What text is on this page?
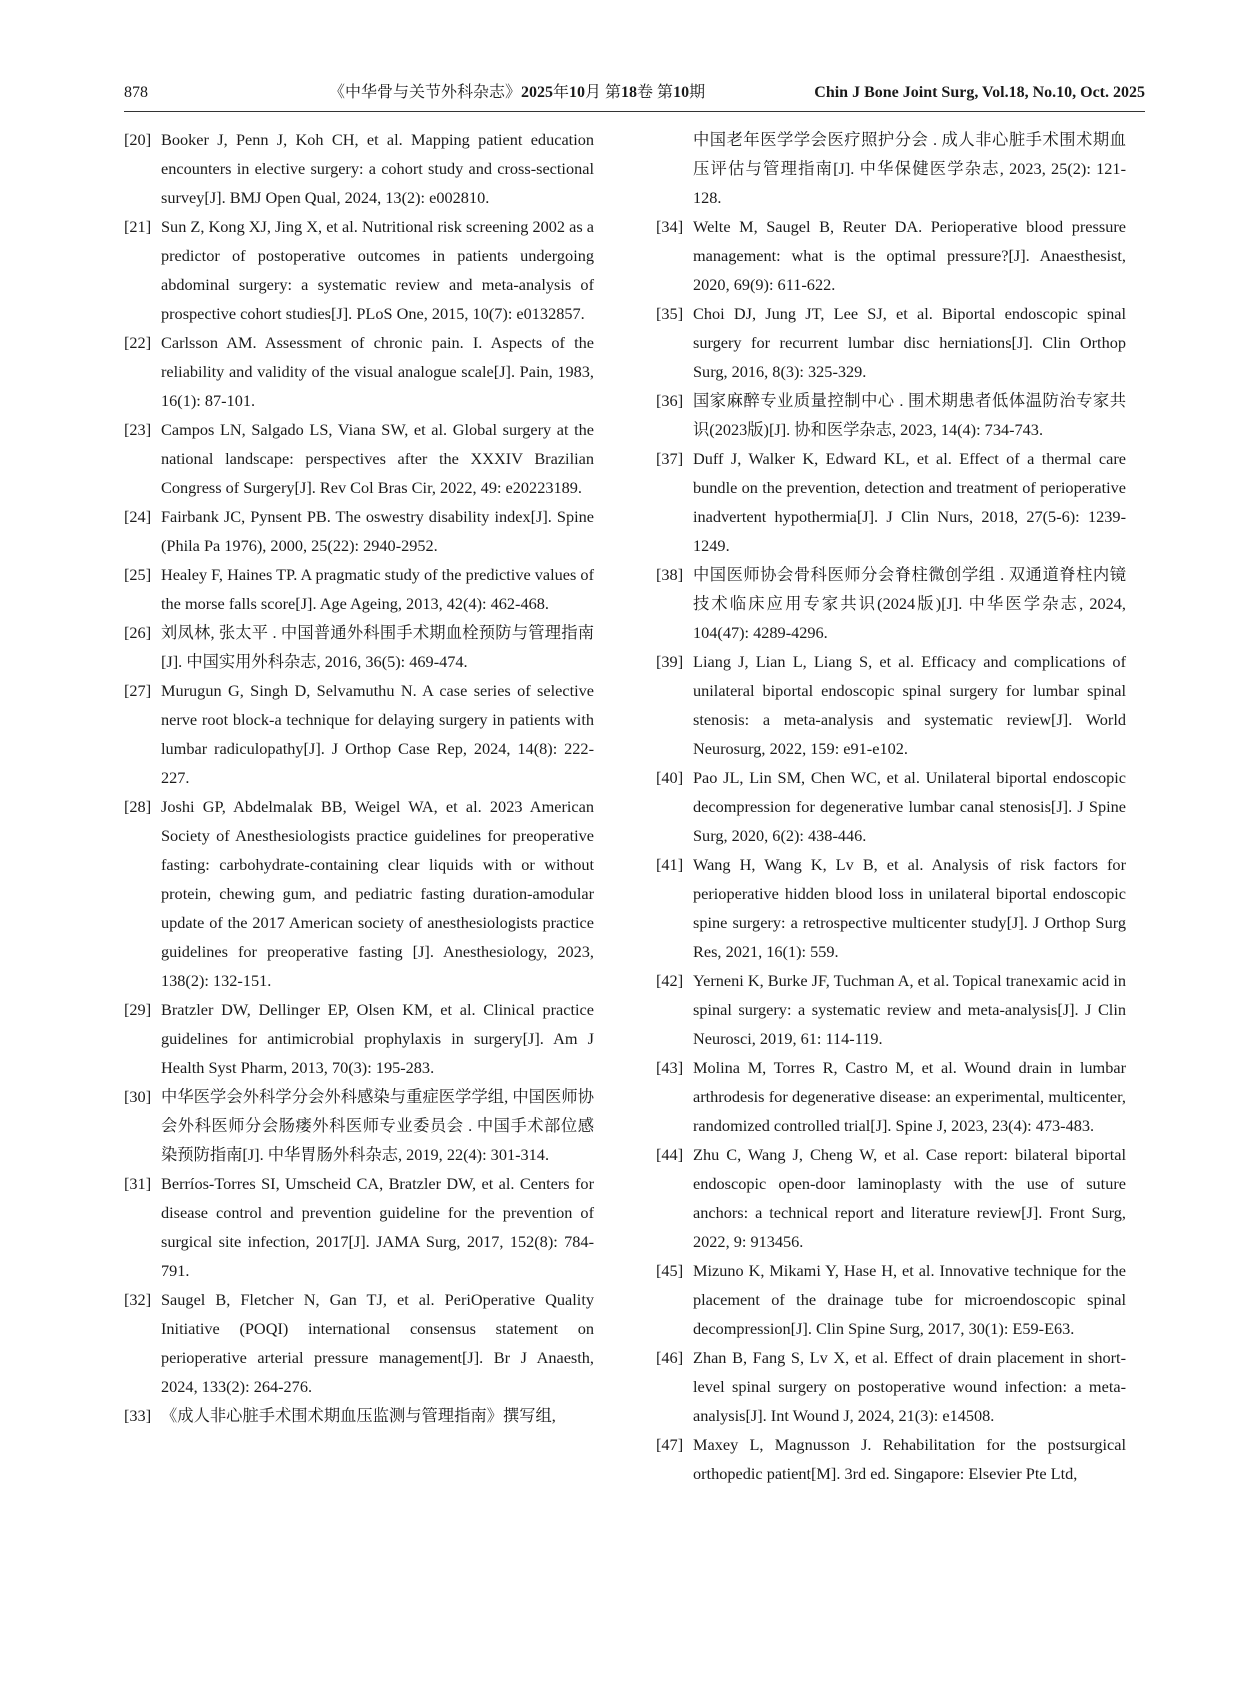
878	《中华骨与关节外科杂志》2025年10月 第18卷 第10期	Chin J Bone Joint Surg, Vol.18, No.10, Oct. 2025
[20] Booker J, Penn J, Koh CH, et al. Mapping patient education encounters in elective surgery: a cohort study and cross-sectional survey[J]. BMJ Open Qual, 2024, 13(2): e002810.
[21] Sun Z, Kong XJ, Jing X, et al. Nutritional risk screening 2002 as a predictor of postoperative outcomes in patients undergoing abdominal surgery: a systematic review and meta-analysis of prospective cohort studies[J]. PLoS One, 2015, 10(7): e0132857.
[22] Carlsson AM. Assessment of chronic pain. I. Aspects of the reliability and validity of the visual analogue scale[J]. Pain, 1983, 16(1): 87-101.
[23] Campos LN, Salgado LS, Viana SW, et al. Global surgery at the national landscape: perspectives after the XXXIV Brazilian Congress of Surgery[J]. Rev Col Bras Cir, 2022, 49: e20223189.
[24] Fairbank JC, Pynsent PB. The oswestry disability index[J]. Spine (Phila Pa 1976), 2000, 25(22): 2940-2952.
[25] Healey F, Haines TP. A pragmatic study of the predictive values of the morse falls score[J]. Age Ageing, 2013, 42(4): 462-468.
[26] 刘凤林, 张太平 . 中国普通外科围手术期血栓预防与管理指南[J]. 中国实用外科杂志, 2016, 36(5): 469-474.
[27] Murugun G, Singh D, Selvamuthu N. A case series of selective nerve root block-a technique for delaying surgery in patients with lumbar radiculopathy[J]. J Orthop Case Rep, 2024, 14(8): 222-227.
[28] Joshi GP, Abdelmalak BB, Weigel WA, et al. 2023 American Society of Anesthesiologists practice guidelines for preoperative fasting: carbohydrate-containing clear liquids with or without protein, chewing gum, and pediatric fasting duration-amodular update of the 2017 American society of anesthesiologists practice guidelines for preoperative fasting [J]. Anesthesiology, 2023, 138(2): 132-151.
[29] Bratzler DW, Dellinger EP, Olsen KM, et al. Clinical practice guidelines for antimicrobial prophylaxis in surgery[J]. Am J Health Syst Pharm, 2013, 70(3): 195-283.
[30] 中华医学会外科学分会外科感染与重症医学学组, 中国医师协会外科医师分会肠瘘外科医师专业委员会 . 中国手术部位感染预防指南[J]. 中华胃肠外科杂志, 2019, 22(4): 301-314.
[31] Berríos-Torres SI, Umscheid CA, Bratzler DW, et al. Centers for disease control and prevention guideline for the prevention of surgical site infection, 2017[J]. JAMA Surg, 2017, 152(8): 784-791.
[32] Saugel B, Fletcher N, Gan TJ, et al. PeriOperative Quality Initiative (POQI) international consensus statement on perioperative arterial pressure management[J]. Br J Anaesth, 2024, 133(2): 264-276.
[33] 《成人非心脏手术围术期血压监测与管理指南》撰写组,
中国老年医学学会医疗照护分会 . 成人非心脏手术围术期血压评估与管理指南[J]. 中华保健医学杂志, 2023, 25(2): 121-128.
[34] Welte M, Saugel B, Reuter DA. Perioperative blood pressure management: what is the optimal pressure?[J]. Anaesthesist, 2020, 69(9): 611-622.
[35] Choi DJ, Jung JT, Lee SJ, et al. Biportal endoscopic spinal surgery for recurrent lumbar disc herniations[J]. Clin Orthop Surg, 2016, 8(3): 325-329.
[36] 国家麻醉专业质量控制中心 . 围术期患者低体温防治专家共识(2023版)[J]. 协和医学杂志, 2023, 14(4): 734-743.
[37] Duff J, Walker K, Edward KL, et al. Effect of a thermal care bundle on the prevention, detection and treatment of perioperative inadvertent hypothermia[J]. J Clin Nurs, 2018, 27(5-6): 1239-1249.
[38] 中国医师协会骨科医师分会脊柱微创学组 . 双通道脊柱内镜技术临床应用专家共识(2024版)[J]. 中华医学杂志, 2024, 104(47): 4289-4296.
[39] Liang J, Lian L, Liang S, et al. Efficacy and complications of unilateral biportal endoscopic spinal surgery for lumbar spinal stenosis: a meta-analysis and systematic review[J]. World Neurosurg, 2022, 159: e91-e102.
[40] Pao JL, Lin SM, Chen WC, et al. Unilateral biportal endoscopic decompression for degenerative lumbar canal stenosis[J]. J Spine Surg, 2020, 6(2): 438-446.
[41] Wang H, Wang K, Lv B, et al. Analysis of risk factors for perioperative hidden blood loss in unilateral biportal endoscopic spine surgery: a retrospective multicenter study[J]. J Orthop Surg Res, 2021, 16(1): 559.
[42] Yerneni K, Burke JF, Tuchman A, et al. Topical tranexamic acid in spinal surgery: a systematic review and meta-analysis[J]. J Clin Neurosci, 2019, 61: 114-119.
[43] Molina M, Torres R, Castro M, et al. Wound drain in lumbar arthrodesis for degenerative disease: an experimental, multicenter, randomized controlled trial[J]. Spine J, 2023, 23(4): 473-483.
[44] Zhu C, Wang J, Cheng W, et al. Case report: bilateral biportal endoscopic open-door laminoplasty with the use of suture anchors: a technical report and literature review[J]. Front Surg, 2022, 9: 913456.
[45] Mizuno K, Mikami Y, Hase H, et al. Innovative technique for the placement of the drainage tube for microendoscopic spinal decompression[J]. Clin Spine Surg, 2017, 30(1): E59-E63.
[46] Zhan B, Fang S, Lv X, et al. Effect of drain placement in short-level spinal surgery on postoperative wound infection: a meta-analysis[J]. Int Wound J, 2024, 21(3): e14508.
[47] Maxey L, Magnusson J. Rehabilitation for the postsurgical orthopedic patient[M]. 3rd ed. Singapore: Elsevier Pte Ltd,
